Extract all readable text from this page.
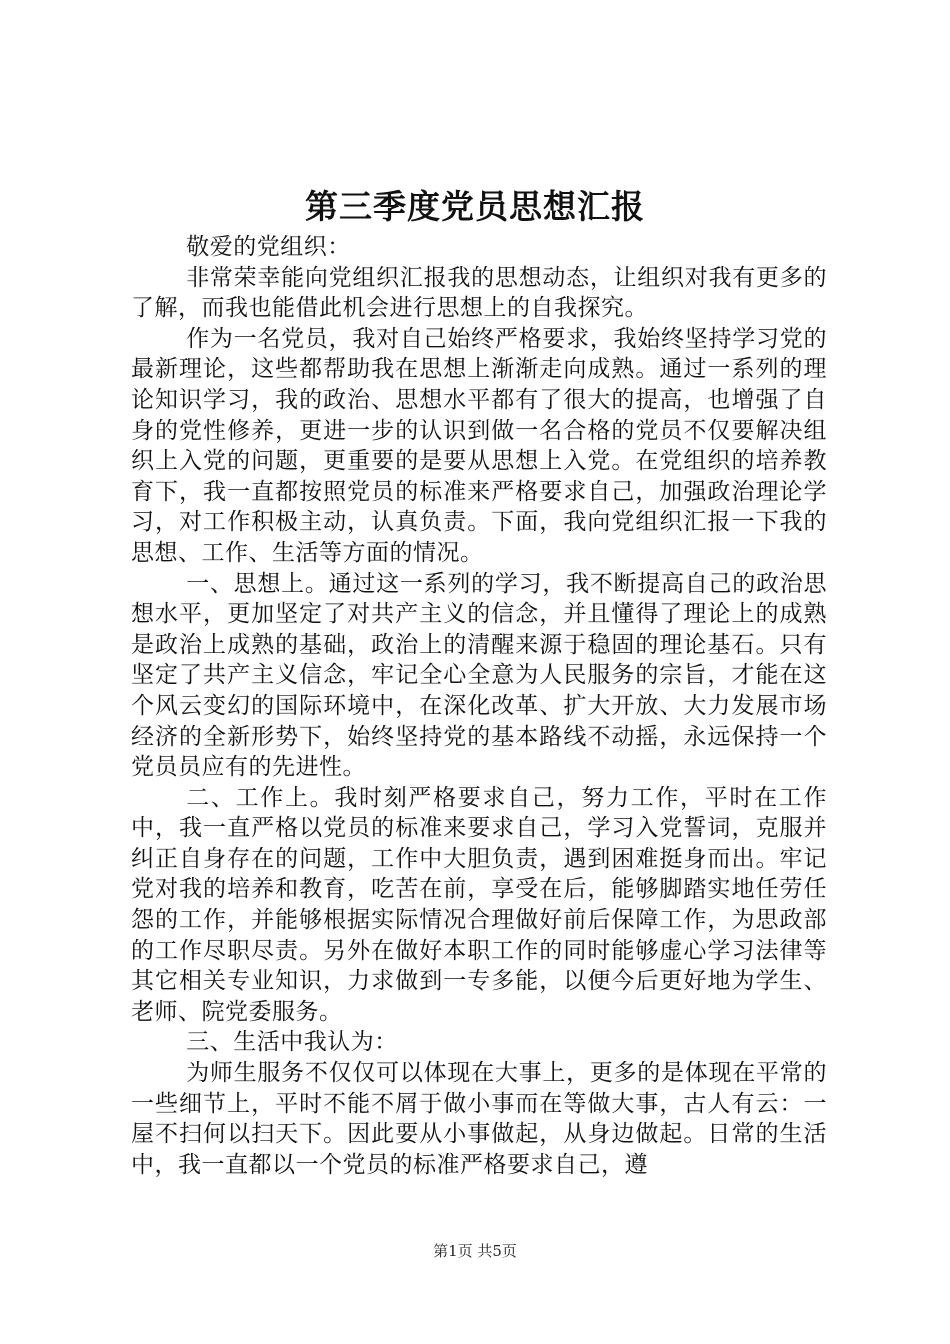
第三季度党员思想汇报

敬爱的党组织：

非常荣幸能向党组织汇报我的思想动态，让组织对我有更多的了解，而我也能借此机会进行思想上的自我探究。

作为一名党员，我对自己始终严格要求，我始终坚持学习党的最新理论，这些都帮助我在思想上渐渐走向成熟。通过一系列的理论知识学习，我的政治、思想水平都有了很大的提高，也增强了自身的党性修养，更进一步的认识到做一名合格的党员不仅要解决组织上入党的问题，更重要的是要从思想上入党。在党组织的培养教育下，我一直都按照党员的标准来严格要求自己，加强政治理论学习，对工作积极主动，认真负责。下面，我向党组织汇报一下我的思想、工作、生活等方面的情况。

一、思想上。通过这一系列的学习，我不断提高自己的政治思想水平，更加坚定了对共产主义的信念，并且懂得了理论上的成熟是政治上成熟的基础，政治上的清醒来源于稳固的理论基石。只有坚定了共产主义信念，牢记全心全意为人民服务的宗旨，才能在这个风云变幻的国际环境中，在深化改革、扩大开放、大力发展市场经济的全新形势下，始终坚持党的基本路线不动摇，永远保持一个党员员应有的先进性。

二、工作上。我时刻严格要求自己，努力工作，平时在工作中，我一直严格以党员的标准来要求自己，学习入党誓词，克服并纠正自身存在的问题，工作中大胆负责，遇到困难挺身而出。牢记党对我的培养和教育，吃苦在前，享受在后，能够脚踏实地任劳任怨的工作，并能够根据实际情况合理做好前后保障工作，为思政部的工作尽职尽责。另外在做好本职工作的同时能够虚心学习法律等其它相关专业知识，力求做到一专多能，以便今后更好地为学生、老师、院党委服务。

三、生活中我认为：

为师生服务不仅仅可以体现在大事上，更多的是体现在平常的一些细节上，平时不能不屑于做小事而在等做大事，古人有云：一屋不扫何以扫天下。因此要从小事做起，从身边做起。日常的生活中，我一直都以一个党员的标准严格要求自己，遵

第1页 共5页
